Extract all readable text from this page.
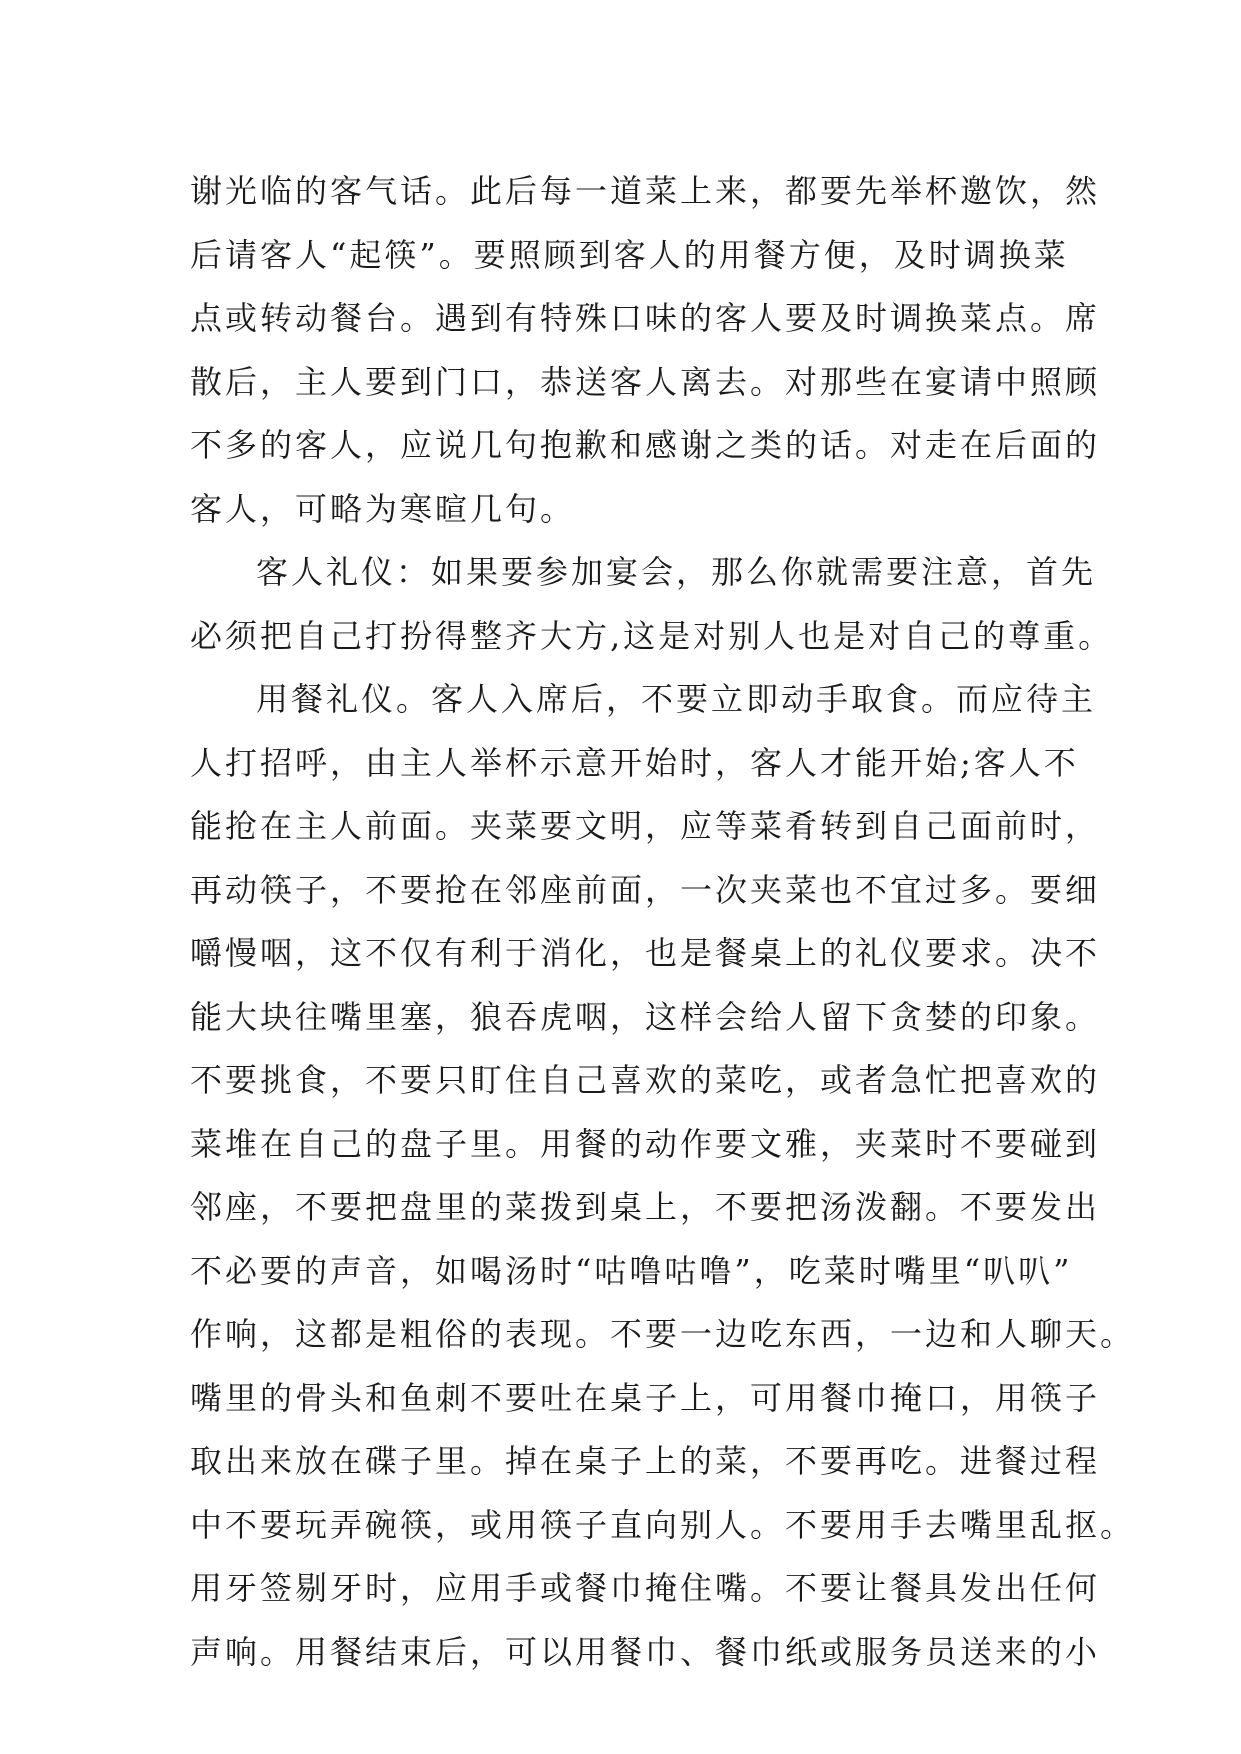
谢光临的客气话。此后每一道菜上来，都要先举杯邀饮，然
后请客人“起筷”。要照顾到客人的用餐方便，及时调换菜
点或转动餐台。遇到有特殊口味的客人要及时调换菜点。席
散后，主人要到门口，恭送客人离去。对那些在宴请中照顾
不多的客人，应说几句抱歉和感谢之类的话。对走在后面的
客人，可略为寒暄几句。
客人礼仪：如果要参加宴会，那么你就需要注意，首先
必须把自己打扮得整齐大方,这是对别人也是对自己的尊重。
用餐礼仪。客人入席后，不要立即动手取食。而应待主
人打招呼，由主人举杯示意开始时，客人才能开始;客人不
能抢在主人前面。夹菜要文明，应等菜肴转到自己面前时，
再动筷子，不要抢在邻座前面，一次夹菜也不宜过多。要细
嚼慢咽，这不仅有利于消化，也是餐桌上的礼仪要求。决不
能大块往嘴里塞，狼吞虎咽，这样会给人留下贪婪的印象。
不要挑食，不要只盯住自己喜欢的菜吃，或者急忙把喜欢的
菜堆在自己的盘子里。用餐的动作要文雅，夹菜时不要碰到
邻座，不要把盘里的菜拨到桌上，不要把汤泼翻。不要发出
不必要的声音，如喝汤时“咕噜咕噜”，吃菜时嘴里“叭叭”
作响，这都是粗俗的表现。不要一边吃东西，一边和人聊天。
嘴里的骨头和鱼刺不要吐在桌子上，可用餐巾掩口，用筷子
取出来放在碟子里。掉在桌子上的菜，不要再吃。进餐过程
中不要玩弄碗筷，或用筷子直向别人。不要用手去嘴里乱抠。
用牙签剔牙时，应用手或餐巾掩住嘴。不要让餐具发出任何
声响。用餐结束后，可以用餐巾、餐巾纸或服务员送来的小
